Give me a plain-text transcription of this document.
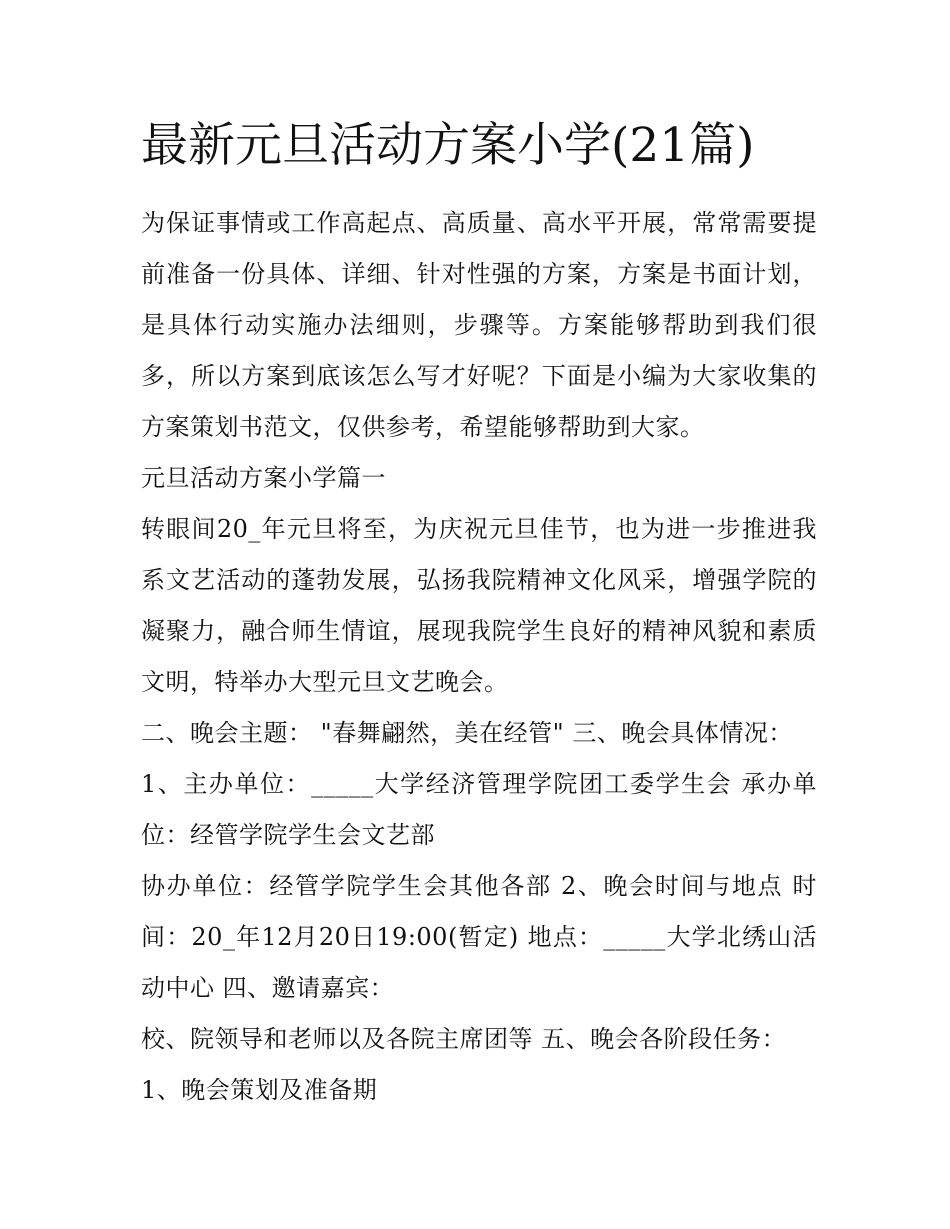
最新元旦活动方案小学(21篇)

为保证事情或工作高起点、高质量、高水平开展，常常需要提前准备一份具体、详细、针对性强的方案，方案是书面计划，是具体行动实施办法细则，步骤等。方案能够帮助到我们很多，所以方案到底该怎么写才好呢？下面是小编为大家收集的方案策划书范文，仅供参考，希望能够帮助到大家。

元旦活动方案小学篇一

转眼间20_年元旦将至，为庆祝元旦佳节，也为进一步推进我系文艺活动的蓬勃发展，弘扬我院精神文化风采，增强学院的凝聚力，融合师生情谊，展现我院学生良好的精神风貌和素质文明，特举办大型元旦文艺晚会。

二、晚会主题： "春舞翩然，美在经管" 三、晚会具体情况：

1、主办单位：_____大学经济管理学院团工委学生会 承办单位：经管学院学生会文艺部

协办单位：经管学院学生会其他各部 2、晚会时间与地点 时间：20_年12月20日19:00(暂定) 地点：_____大学北绣山活动中心 四、邀请嘉宾：

校、院领导和老师以及各院主席团等 五、晚会各阶段任务：

1、晚会策划及准备期
